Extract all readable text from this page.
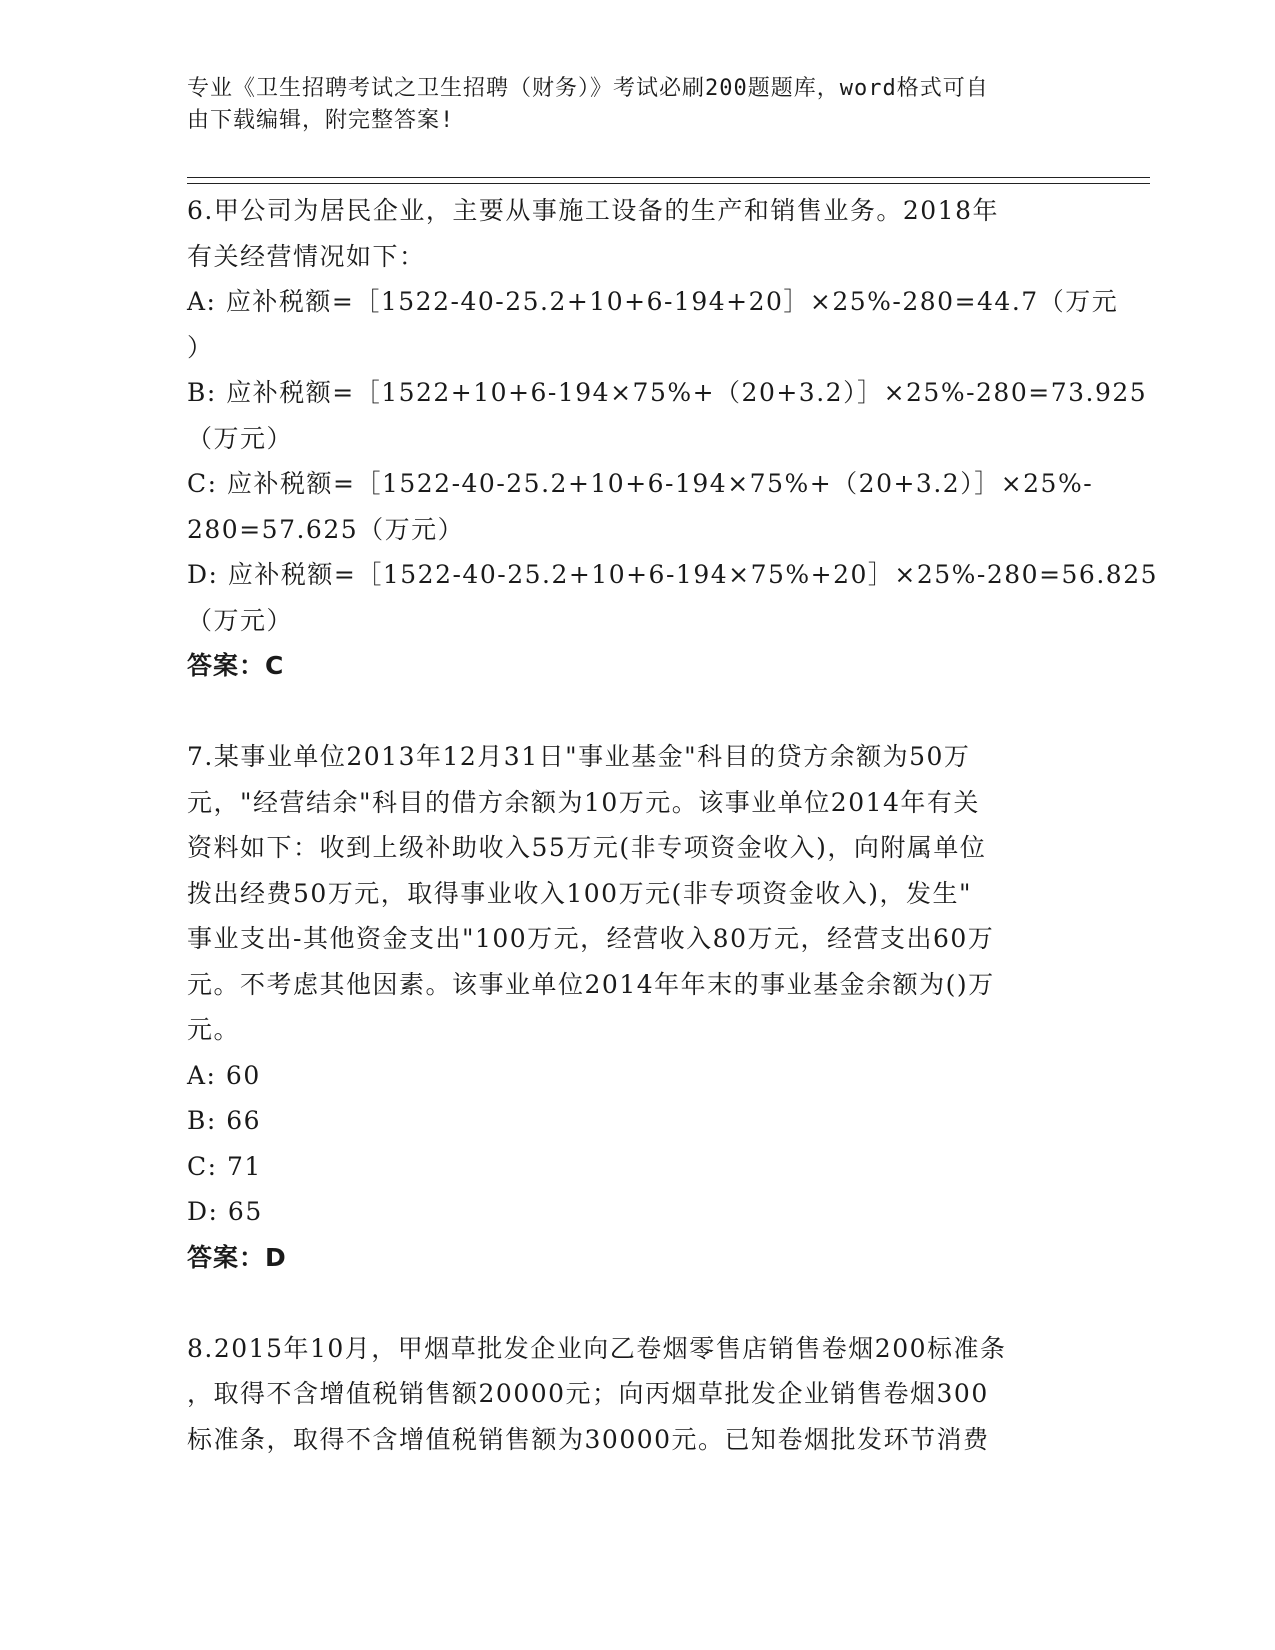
专业《卫生招聘考试之卫生招聘（财务）》考试必刷200题题库，word格式可自
由下载编辑，附完整答案!
6.甲公司为居民企业，主要从事施工设备的生产和销售业务。2018年
有关经营情况如下：
A: 应补税额=［1522-40-25.2+10+6-194+20］×25%-280=44.7（万元
）
B: 应补税额=［1522+10+6-194×75%+（20+3.2）］×25%-280=73.925
（万元）
C: 应补税额=［1522-40-25.2+10+6-194×75%+（20+3.2）］×25%-
280=57.625（万元）
D: 应补税额=［1522-40-25.2+10+6-194×75%+20］×25%-280=56.825
（万元）
答案：C
7.某事业单位2013年12月31日"事业基金"科目的贷方余额为50万
元，"经营结余"科目的借方余额为10万元。该事业单位2014年有关
资料如下：收到上级补助收入55万元(非专项资金收入)，向附属单位
拨出经费50万元，取得事业收入100万元(非专项资金收入)，发生"
事业支出-其他资金支出"100万元，经营收入80万元，经营支出60万
元。不考虑其他因素。该事业单位2014年年末的事业基金余额为()万
元。
A: 60
B: 66
C: 71
D: 65
答案：D
8.2015年10月，甲烟草批发企业向乙卷烟零售店销售卷烟200标准条
，取得不含增值税销售额20000元；向丙烟草批发企业销售卷烟300
标准条，取得不含增值税销售额为30000元。已知卷烟批发环节消费
